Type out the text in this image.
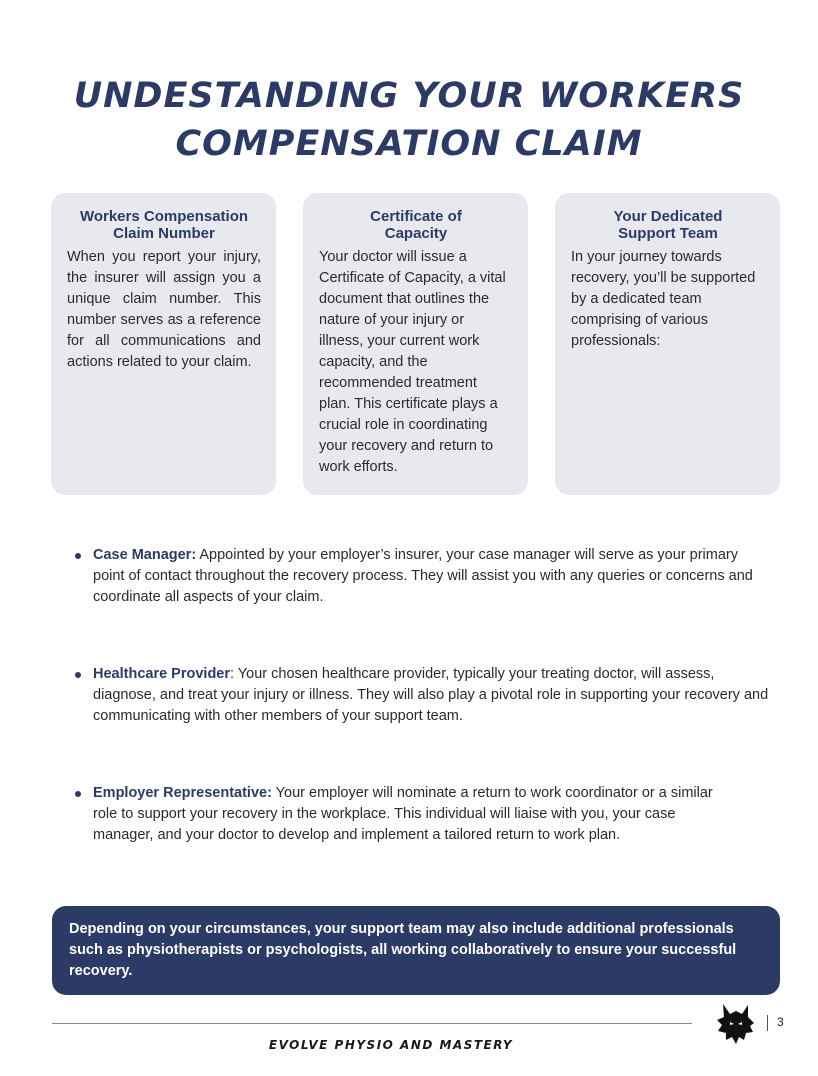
UNDESTANDING YOUR WORKERS
COMPENSATION CLAIM
Workers Compensation
Claim Number

When you report your injury, the insurer will assign you a unique claim number. This number serves as a reference for all communications and actions related to your claim.

Certificate of
Capacity

Your doctor will issue a Certificate of Capacity, a vital document that outlines the nature of your injury or illness, your current work capacity, and the recommended treatment plan. This certificate plays a crucial role in coordinating your recovery and return to work efforts.

Your Dedicated
Support Team

In your journey towards recovery, you’ll be supported by a dedicated team comprising of various professionals:

Case Manager: Appointed by your employer’s insurer, your case manager will serve as your primary point of contact throughout the recovery process. They will assist you with any queries or concerns and coordinate all aspects of your claim.
Healthcare Provider: Your chosen healthcare provider, typically your treating doctor, will assess, diagnose, and treat your injury or illness. They will also play a pivotal role in supporting your recovery and communicating with other members of your support team.
Employer Representative: Your employer will nominate a return to work coordinator or a similar role to support your recovery in the workplace. This individual will liaise with you, your case manager, and your doctor to develop and implement a tailored return to work plan.
Depending on your circumstances, your support team may also include additional professionals such as physiotherapists or psychologists, all working collaboratively to ensure your successful recovery.
EVOLVE PHYSIO AND MASTERY
3
